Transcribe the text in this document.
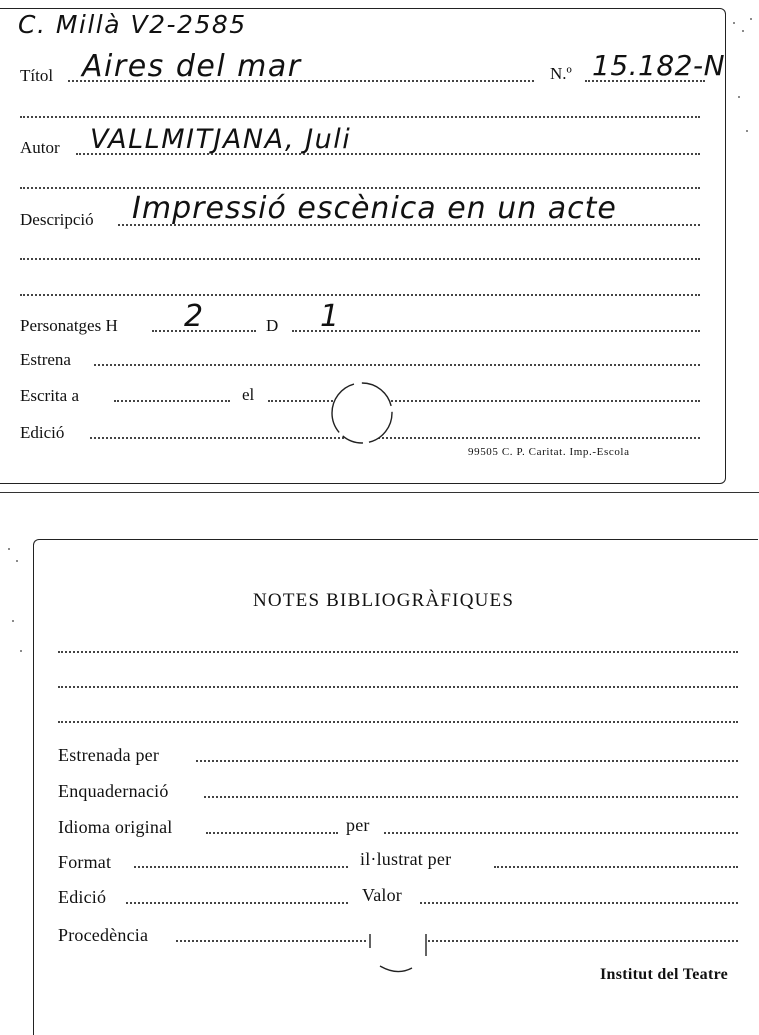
C. Millà V2-2585
Títol Aires del mar	N.º 15.182-N
Autor VALLMITJANA, Juli
Descripció Impressió escènica en un acte
Personatges H 2	D 1
Estrena
Escrita a	el
Edició
99505 C. P. Caritat. Imp.-Escola
NOTES BIBLIOGRÀFIQUES
Estrenada per
Enquadernació
Idioma original	per
Format	il·lustrat per
Edició	Valor
Procedència
Institut del Teatre
